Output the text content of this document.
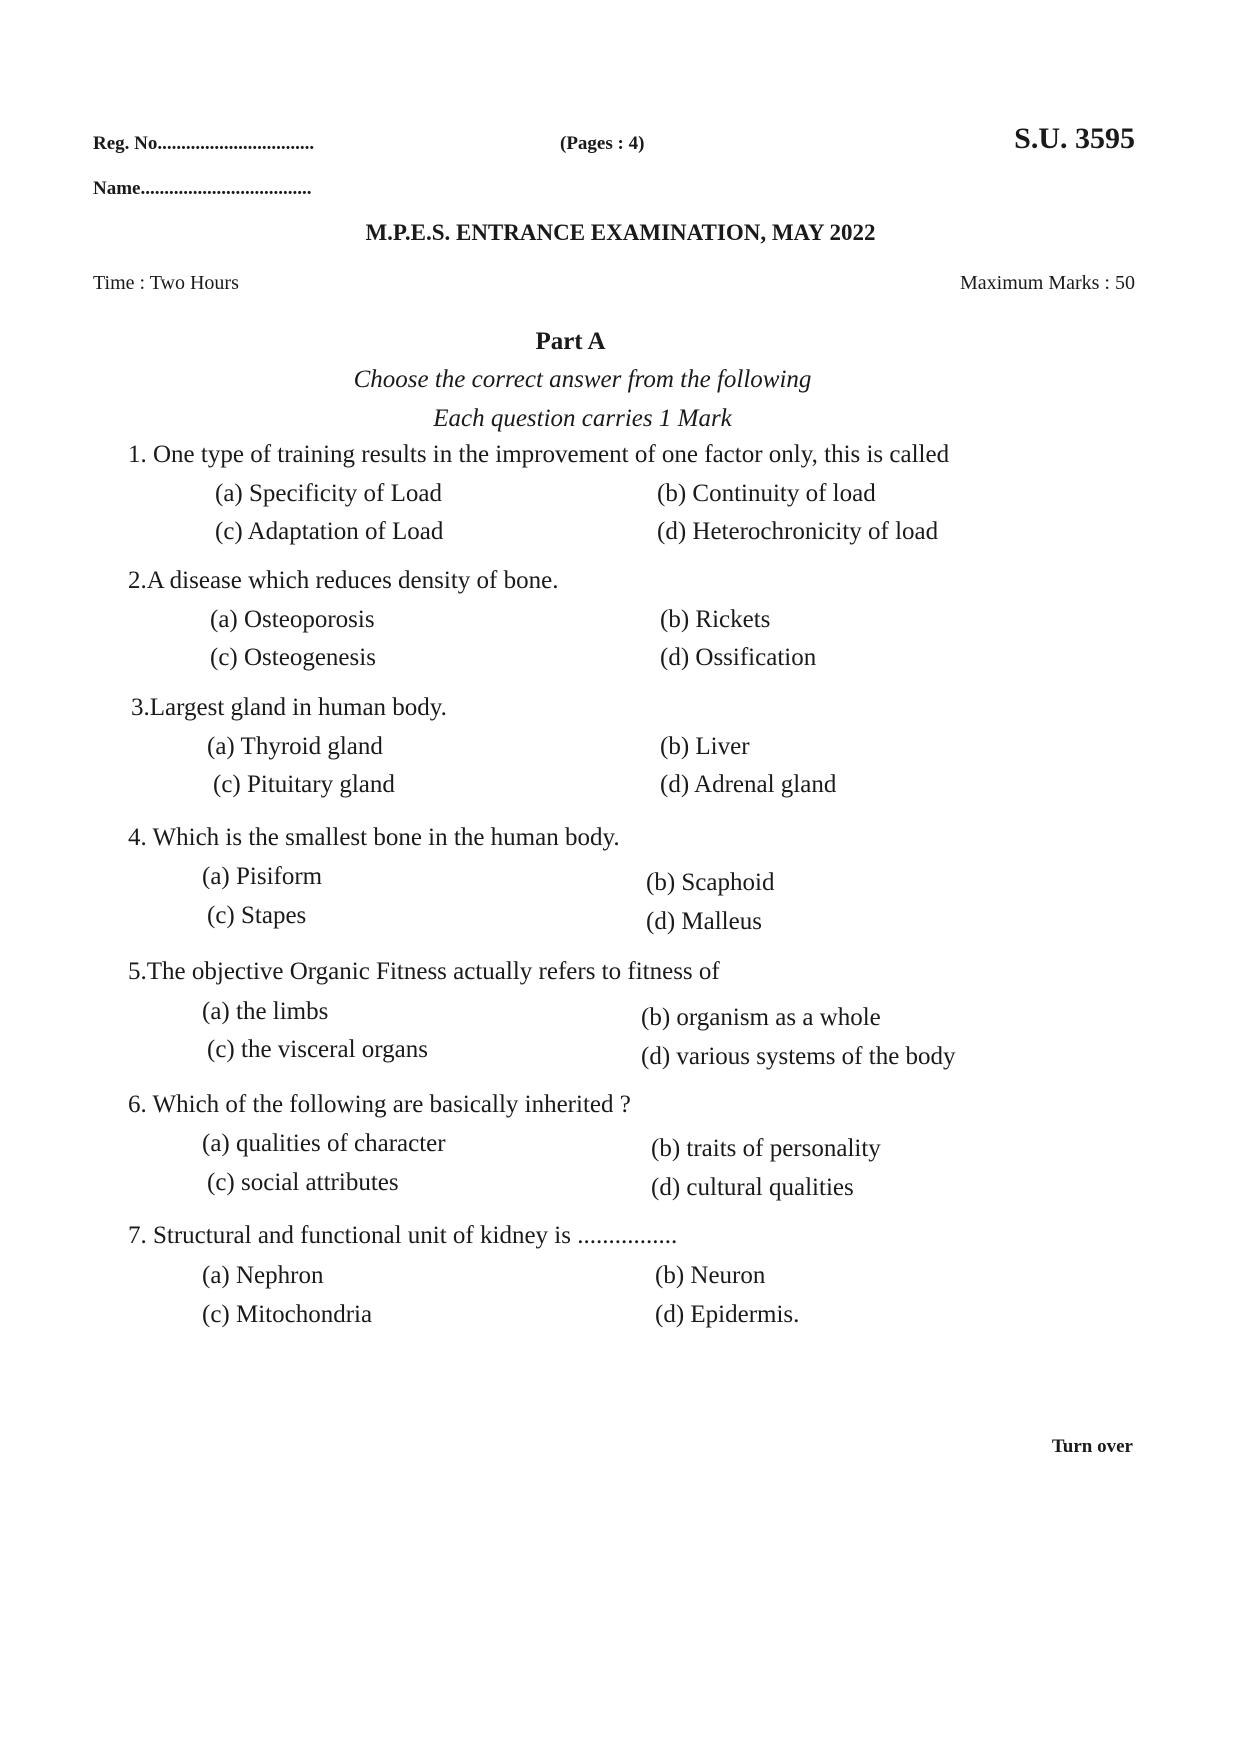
Reg. No.................................	(Pages : 4)	S.U. 3595
Name....................................
M.P.E.S. ENTRANCE EXAMINATION, MAY 2022
Time : Two Hours	Maximum Marks : 50
Part A
Choose the correct answer from the following
Each question carries 1 Mark
1. One type of training results in the improvement of one factor only, this is called
(a) Specificity of Load	(b) Continuity of load
(c) Adaptation of Load	(d) Heterochronicity of load
2.A disease which reduces density of bone.
(a) Osteoporosis	(b) Rickets
(c) Osteogenesis	(d) Ossification
3.Largest gland in human body.
(a) Thyroid gland	(b) Liver
(c) Pituitary gland	(d) Adrenal gland
4. Which is the smallest bone in the human body.
(a) Pisiform	(b) Scaphoid
(c) Stapes	(d) Malleus
5.The objective Organic Fitness actually refers to fitness of
(a) the limbs	(b) organism as a whole
(c) the visceral organs	(d) various systems of the body
6. Which of the following are basically inherited ?
(a) qualities of character	(b) traits of personality
(c) social attributes	(d) cultural qualities
7. Structural and functional unit of kidney is ................
(a) Nephron	(b) Neuron
(c) Mitochondria	(d) Epidermis.
Turn over
